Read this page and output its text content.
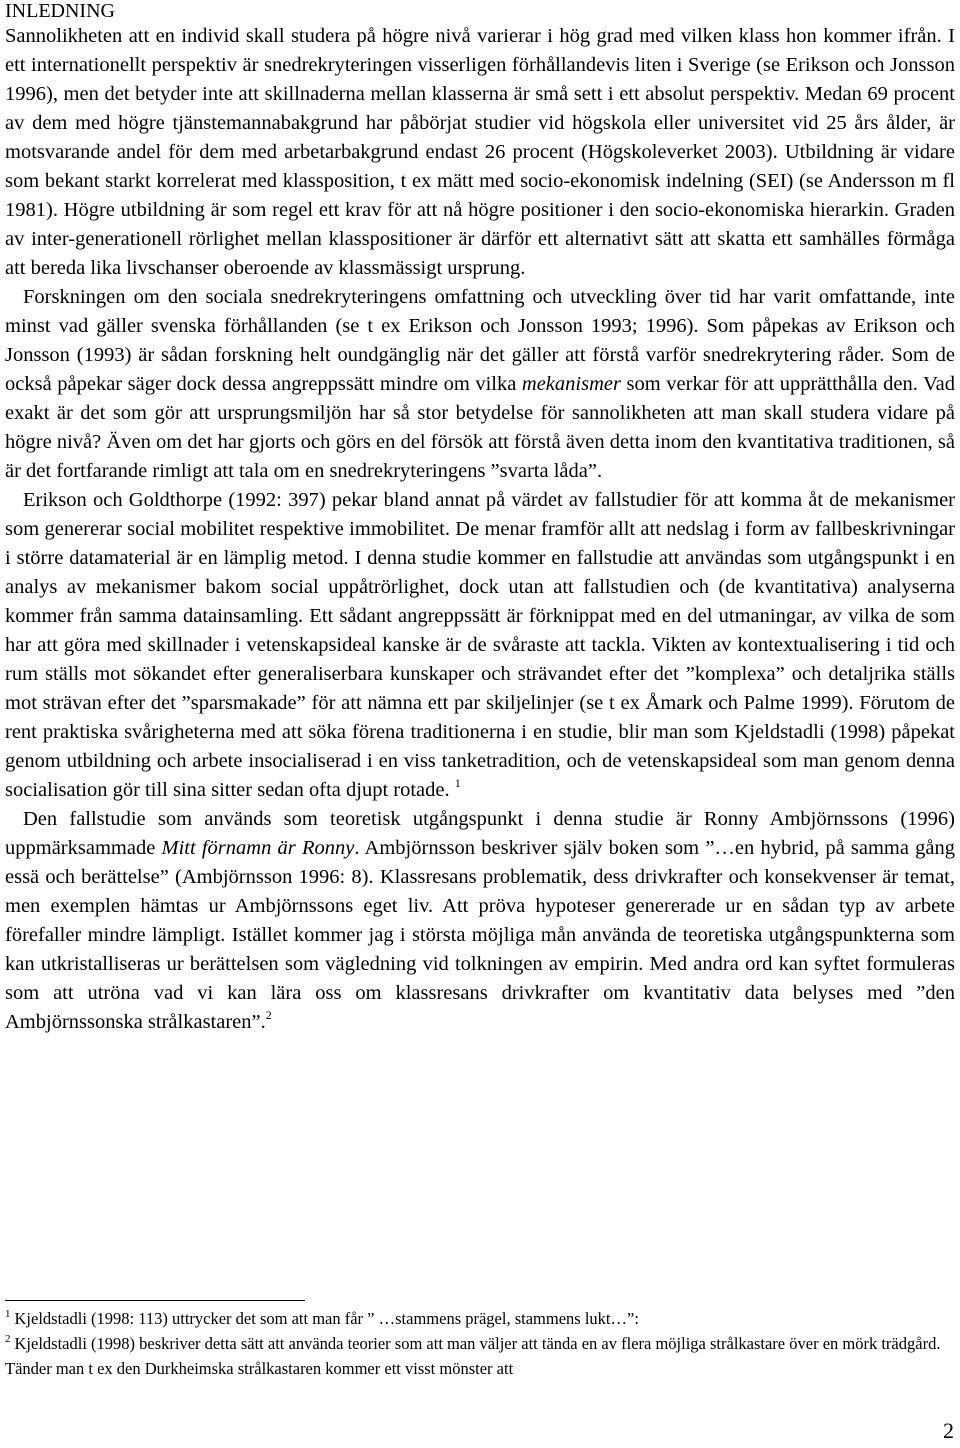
INLEDNING

Sannolikheten att en individ skall studera på högre nivå varierar i hög grad med vilken klass hon kommer ifrån. I ett internationellt perspektiv är snedrekryteringen visserligen förhållandevis liten i Sverige (se Erikson och Jonsson 1996), men det betyder inte att skillnaderna mellan klasserna är små sett i ett absolut perspektiv. Medan 69 procent av dem med högre tjänstemannabakgrund har påbörjat studier vid högskola eller universitet vid 25 års ålder, är motsvarande andel för dem med arbetarbakgrund endast 26 procent (Högskoleverket 2003). Utbildning är vidare som bekant starkt korrelerat med klassposition, t ex mätt med socio-ekonomisk indelning (SEI) (se Andersson m fl 1981). Högre utbildning är som regel ett krav för att nå högre positioner i den socio-ekonomiska hierarkin. Graden av inter-generationell rörlighet mellan klasspositioner är därför ett alternativt sätt att skatta ett samhälles förmåga att bereda lika livschanser oberoende av klassmässigt ursprung.

Forskningen om den sociala snedrekryteringens omfattning och utveckling över tid har varit omfattande, inte minst vad gäller svenska förhållanden (se t ex Erikson och Jonsson 1993; 1996). Som påpekas av Erikson och Jonsson (1993) är sådan forskning helt oundgänglig när det gäller att förstå varför snedrekrytering råder. Som de också påpekar säger dock dessa angreppssätt mindre om vilka mekanismer som verkar för att upprätthålla den. Vad exakt är det som gör att ursprungsmiljön har så stor betydelse för sannolikheten att man skall studera vidare på högre nivå? Även om det har gjorts och görs en del försök att förstå även detta inom den kvantitativa traditionen, så är det fortfarande rimligt att tala om en snedrekryteringens ”svarta låda”.

Erikson och Goldthorpe (1992: 397) pekar bland annat på värdet av fallstudier för att komma åt de mekanismer som genererar social mobilitet respektive immobilitet. De menar framför allt att nedslag i form av fallbeskrivningar i större datamaterial är en lämplig metod. I denna studie kommer en fallstudie att användas som utgångspunkt i en analys av mekanismer bakom social uppåtrörlighet, dock utan att fallstudien och (de kvantitativa) analyserna kommer från samma datainsamling. Ett sådant angreppssätt är förknippat med en del utmaningar, av vilka de som har att göra med skillnader i vetenskapsideal kanske är de svåraste att tackla. Vikten av kontextualisering i tid och rum ställs mot sökandet efter generaliserbara kunskaper och strävandet efter det ”komplexa” och detaljrika ställs mot strävan efter det ”sparsmakade” för att nämna ett par skiljelinjer (se t ex Åmark och Palme 1999). Förutom de rent praktiska svårigheterna med att söka förena traditionerna i en studie, blir man som Kjeldstadli (1998) påpekat genom utbildning och arbete insocialiserad i en viss tanketradition, och de vetenskapsideal som man genom denna socialisation gör till sina sitter sedan ofta djupt rotade. $^1$

Den fallstudie som används som teoretisk utgångspunkt i denna studie är Ronny Ambjörnssons (1996) uppmärksammade Mitt förnamn är Ronny. Ambjörnsson beskriver själv boken som ”…en hybrid, på samma gång essä och berättelse” (Ambjörnsson 1996: 8). Klassresans problematik, dess drivkrafter och konsekvenser är temat, men exemplen hämtas ur Ambjörnssons eget liv. Att pröva hypoteser genererade ur en sådan typ av arbete förefaller mindre lämpligt. Istället kommer jag i största möjliga mån använda de teoretiska utgångspunkterna som kan utkristalliseras ur berättelsen som vägledning vid tolkningen av empirin. Med andra ord kan syftet formuleras som att utröna vad vi kan lära oss om klassresans drivkrafter om kvantitativ data belyses med ”den Ambjörnssonska strålkastaren”.$^2$

$^1$ Kjeldstadli (1998: 113) uttrycker det som att man får ” …stammens prägel, stammens lukt…”:

$^2$ Kjeldstadli (1998) beskriver detta sätt att använda teorier som att man väljer att tända en av flera möjliga strålkastare över en mörk trädgård. Tänder man t ex den Durkheimska strålkastaren kommer ett visst mönster att

2
